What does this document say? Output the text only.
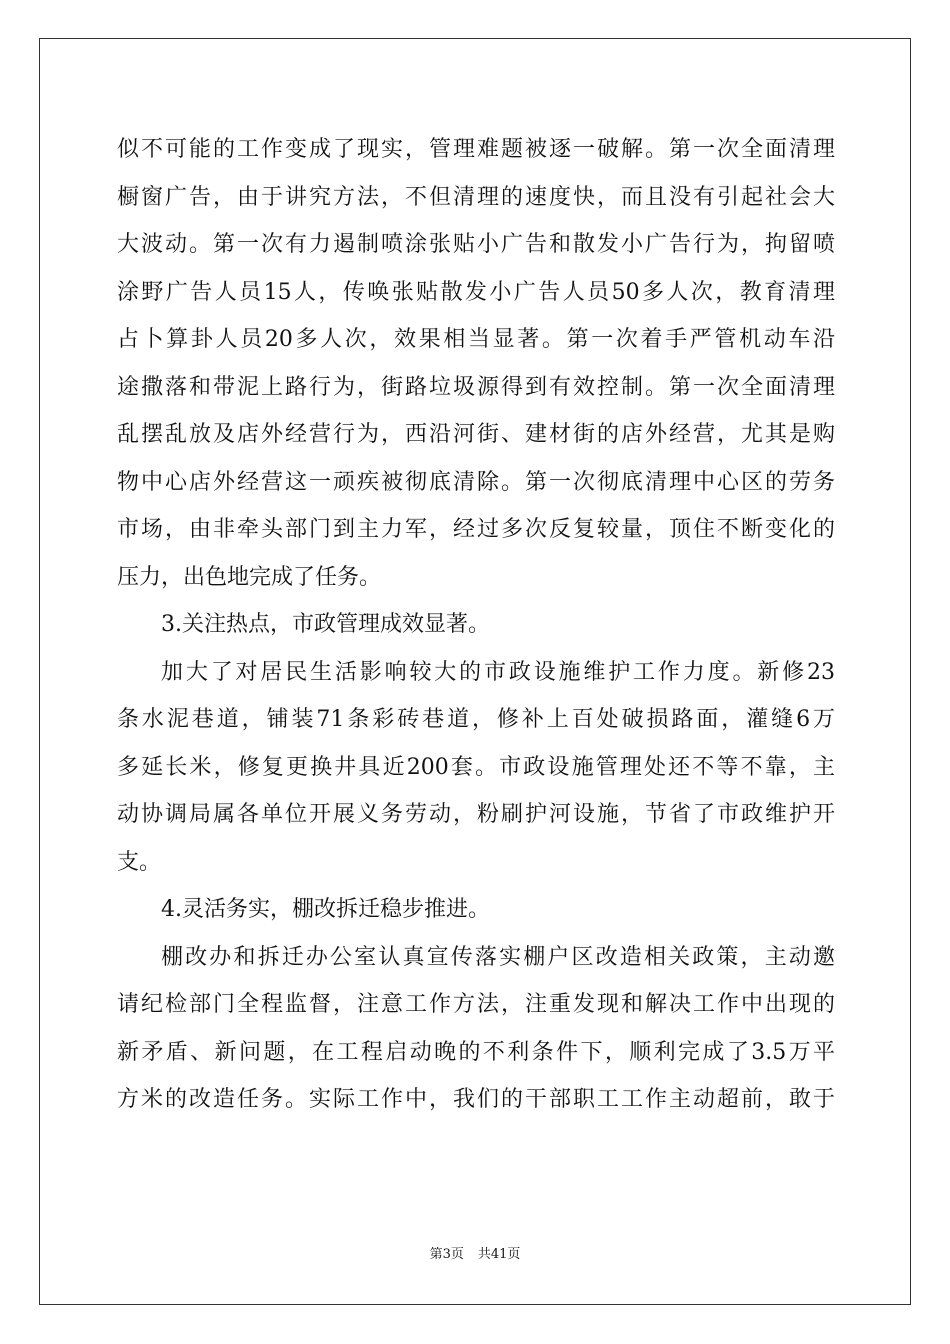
似不可能的工作变成了现实，管理难题被逐一破解。第一次全面清理
橱窗广告，由于讲究方法，不但清理的速度快，而且没有引起社会大
大波动。第一次有力遏制喷涂张贴小广告和散发小广告行为，拘留喷
涂野广告人员15人，传唤张贴散发小广告人员50多人次，教育清理
占卜算卦人员20多人次，效果相当显著。第一次着手严管机动车沿
途撒落和带泥上路行为，街路垃圾源得到有效控制。第一次全面清理
乱摆乱放及店外经营行为，西沿河街、建材街的店外经营，尤其是购
物中心店外经营这一顽疾被彻底清除。第一次彻底清理中心区的劳务
市场，由非牵头部门到主力军，经过多次反复较量，顶住不断变化的
压力，出色地完成了任务。
3.关注热点，市政管理成效显著。
加大了对居民生活影响较大的市政设施维护工作力度。新修23
条水泥巷道，铺装71条彩砖巷道，修补上百处破损路面，灌缝6万
多延长米，修复更换井具近200套。市政设施管理处还不等不靠，主
动协调局属各单位开展义务劳动，粉刷护河设施，节省了市政维护开
支。
4.灵活务实，棚改拆迁稳步推进。
棚改办和拆迁办公室认真宣传落实棚户区改造相关政策，主动邀
请纪检部门全程监督，注意工作方法，注重发现和解决工作中出现的
新矛盾、新问题，在工程启动晚的不利条件下，顺利完成了3.5万平
方米的改造任务。实际工作中，我们的干部职工工作主动超前，敢于
第3页 共41页
